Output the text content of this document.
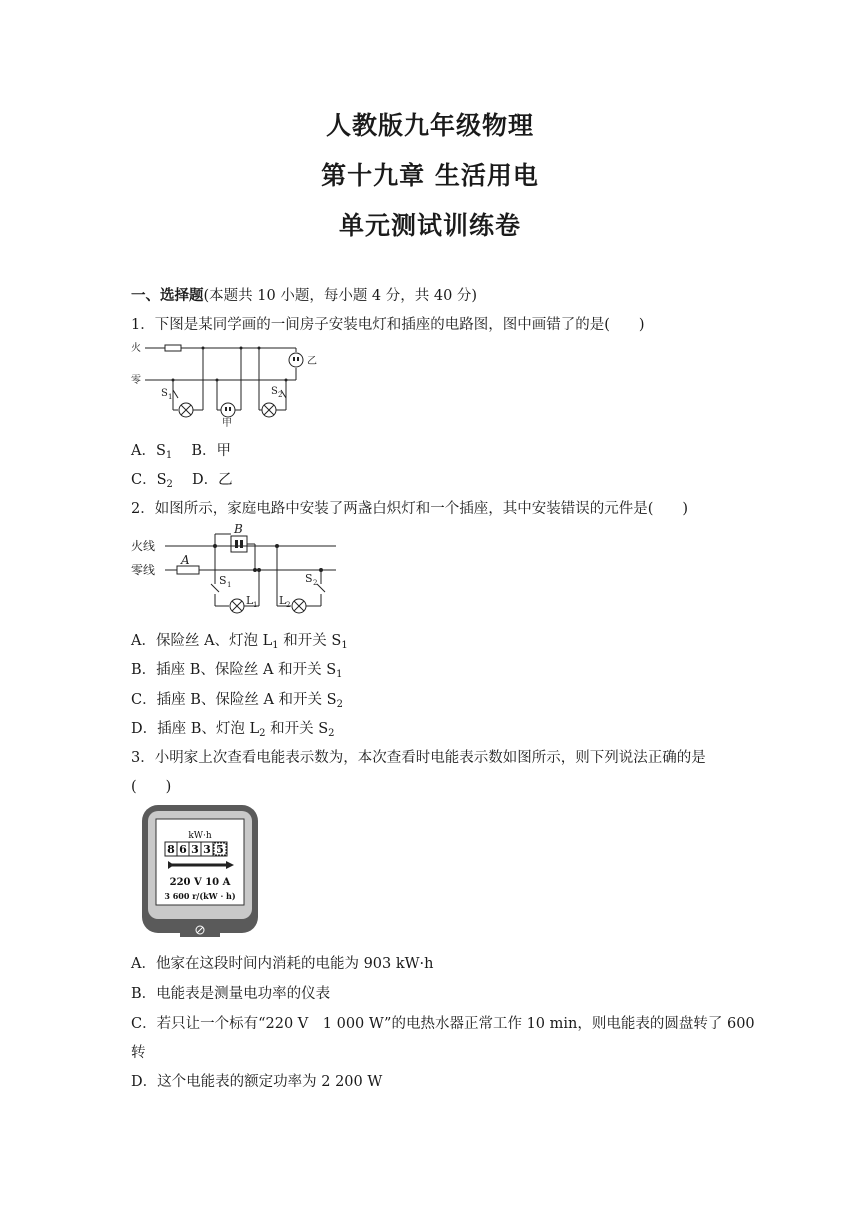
人教版九年级物理
第十九章 生活用电
单元测试训练卷
一、选择题(本题共 10 小题，每小题 4 分，共 40 分)
1．下图是某同学画的一间房子安装电灯和插座的电路图，图中画错了的是(　　)
火
零
乙
甲
S 1	S 2
A．$S_1$　 B．甲
C．$S_2$　 D．乙
2．如图所示，家庭电路中安装了两盏白炽灯和一个插座，其中安装错误的元件是(　　)
火线
零线
A
B
S 1
L 1 L 2
S 2
A．保险丝 A、灯泡 $L_1$ 和开关 $S_1$
B．插座 B、保险丝 A 和开关 $S_1$
C．插座 B、保险丝 A 和开关 $S_2$
D．插座 B、灯泡 $L_2$ 和开关 $S_2$
3．小明家上次查看电能表示数为，本次查看时电能表示数如图所示，则下列说法正确的是
(　　)
kW·h
8 6 3 3 5
220 V 10 A
3 600 r/(kW · h)
A．他家在这段时间内消耗的电能为 903 kW·h
B．电能表是测量电功率的仪表
C．若只让一个标有“220 V　1 000 W”的电热水器正常工作 10 min，则电能表的圆盘转了 600
转
D．这个电能表的额定功率为 2 200 W
